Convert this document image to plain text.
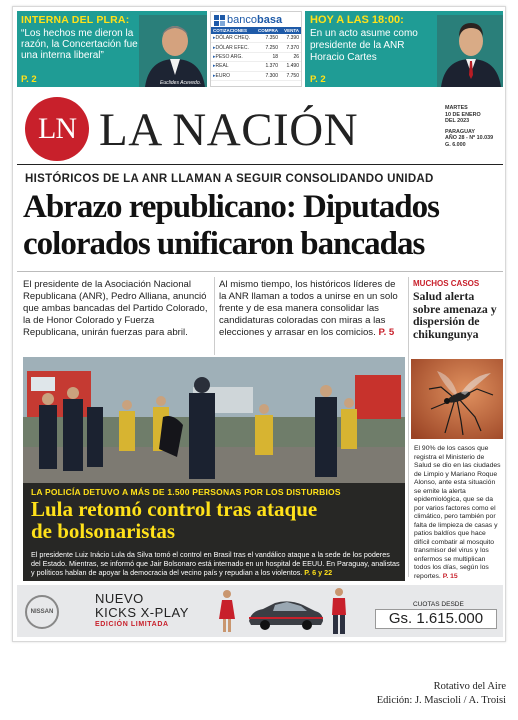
INTERNA DEL PLRA:
“Los hechos me dieron la razón, la Concertación fue una interna liberal”
P. 2	Euclides Acevedo.
bancobasa
COTIZACIONES	COMPRA	VENTA
▸ DÓLAR CHEQ.	7.350	7.390
▸ DÓLAR EFEC.	7.250	7.370
▸ PESO ARG.	18	26
▸ REAL	1.370	1.490
▸ EURO	7.300	7.750
HOY A LAS 18:00:
En un acto asume como presidente de la ANR Horacio Cartes
P. 2
LN LA NACIÓN	MARTES
10 DE ENERO
DEL 2023
PARAGUAY
AÑO 28 - Nº 10.039
G. 6.000
HISTÓRICOS DE LA ANR LLAMAN A SEGUIR CONSOLIDANDO UNIDAD
Abrazo republicano: Diputados colorados unificaron bancadas
El presidente de la Asociación Nacional Republicana (ANR), Pedro Alliana, anunció que ambas bancadas del Partido Colorado, la de Honor Colorado y Fuerza Republicana, unirán fuerzas para abril.
Al mismo tiempo, los históricos líderes de la ANR llaman a todos a unirse en un solo frente y de esa manera consolidar las candidaturas coloradas con miras a las elecciones y arrasar en los comicios. P. 5
MUCHOS CASOS
Salud alerta sobre amenaza y dispersión de chikungunya
El 90% de los casos que registra el Ministerio de Salud se dio en las ciudades de Limpio y Mariano Roque Alonso, ante esta situación se emite la alerta epidemiológica, que se da por varios factores como el climático, pero también por falta de limpieza de casas y patios baldíos que hace difícil combatir al mosquito transmisor del virus y los enfermos se multiplican todos los días, según los reportes. P. 15
LA POLICÍA DETUVO A MÁS DE 1.500 PERSONAS POR LOS DISTURBIOS
Lula retomó control tras ataque de bolsonaristas
El presidente Luiz Inácio Lula da Silva tomó el control en Brasil tras el vandálico ataque a la sede de los poderes del Estado. Mientras, se informó que Jair Bolsonaro está internado en un hospital de EEUU. En Paraguay, analistas y políticos hablan de apoyar la democracia del vecino país y repudian a los violentos. P. 6 y 22
NISSAN
NUEVO
KICKS X-PLAY
EDICIÓN LIMITADA
CUOTAS DESDE
Gs. 1.615.000
Rotativo del Aire
Edición: J. Mascioli / A. Troisi
